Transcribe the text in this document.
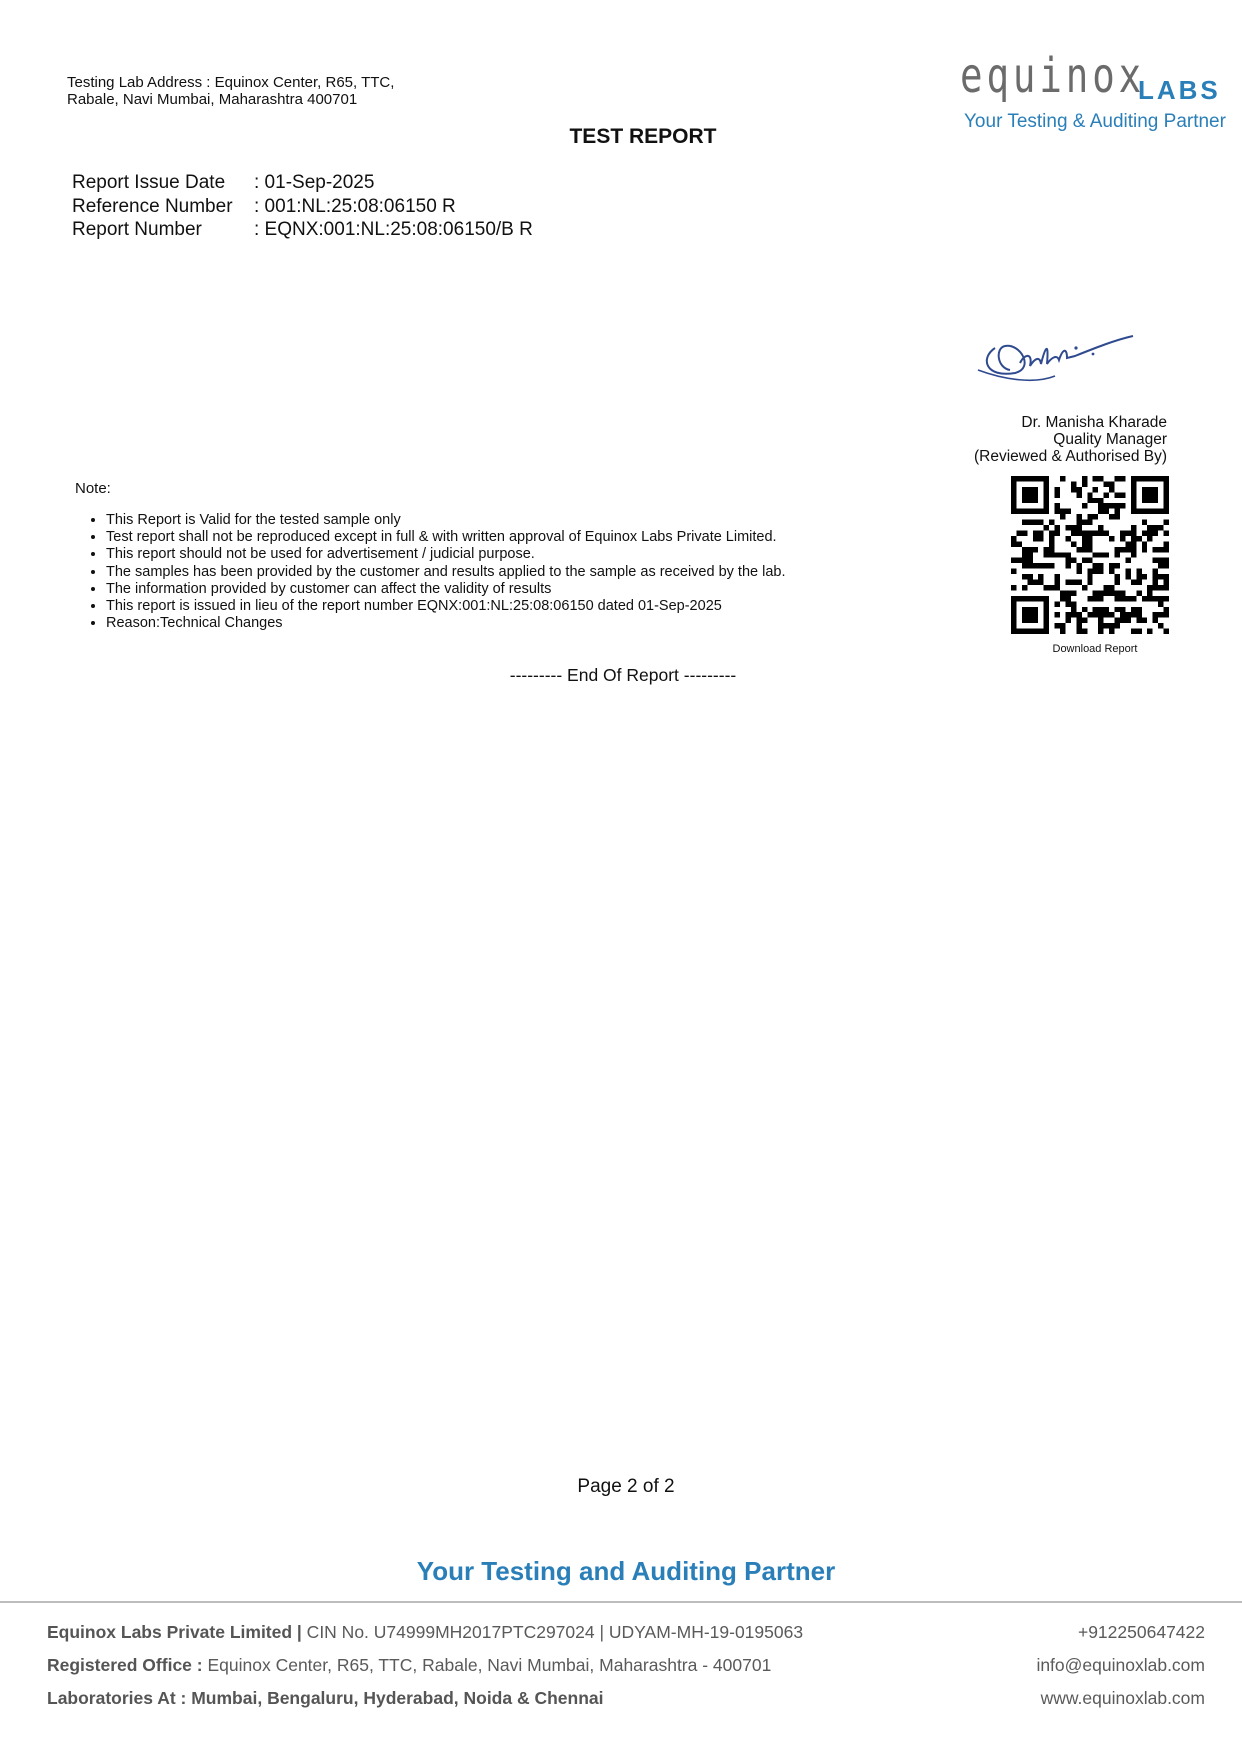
Testing Lab Address : Equinox Center, R65, TTC, Rabale, Navi Mumbai, Maharashtra 400701
TEST REPORT
equinox
LABS
Your Testing & Auditing Partner
Report Issue Date : 01-Sep-2025
Reference Number : 001:NL:25:08:06150 R
Report Number	: EQNX:001:NL:25:08:06150/B R
Dr. Manisha Kharade
Quality Manager
(Reviewed & Authorised By)
Note:
• This Report is Valid for the tested sample only
• Test report shall not be reproduced except in full & with written approval of Equinox Labs Private Limited.
• This report should not be used for advertisement / judicial purpose.
• The samples has been provided by the customer and results applied to the sample as received by the lab.
• The information provided by customer can affect the validity of results
• This report is issued in lieu of the report number EQNX:001:NL:25:08:06150 dated 01-Sep-2025
• Reason:Technical Changes
Download Report
--------- End Of Report ---------
Page 2 of 2
Your Testing and Auditing Partner
Equinox Labs Private Limited | CIN No. U74999MH2017PTC297024 | UDYAM-MH-19-0195063
Registered Office : Equinox Center, R65, TTC, Rabale, Navi Mumbai, Maharashtra - 400701
Laboratories At : Mumbai, Bengaluru, Hyderabad, Noida & Chennai
+912250647422
info@equinoxlab.com
www.equinoxlab.com
